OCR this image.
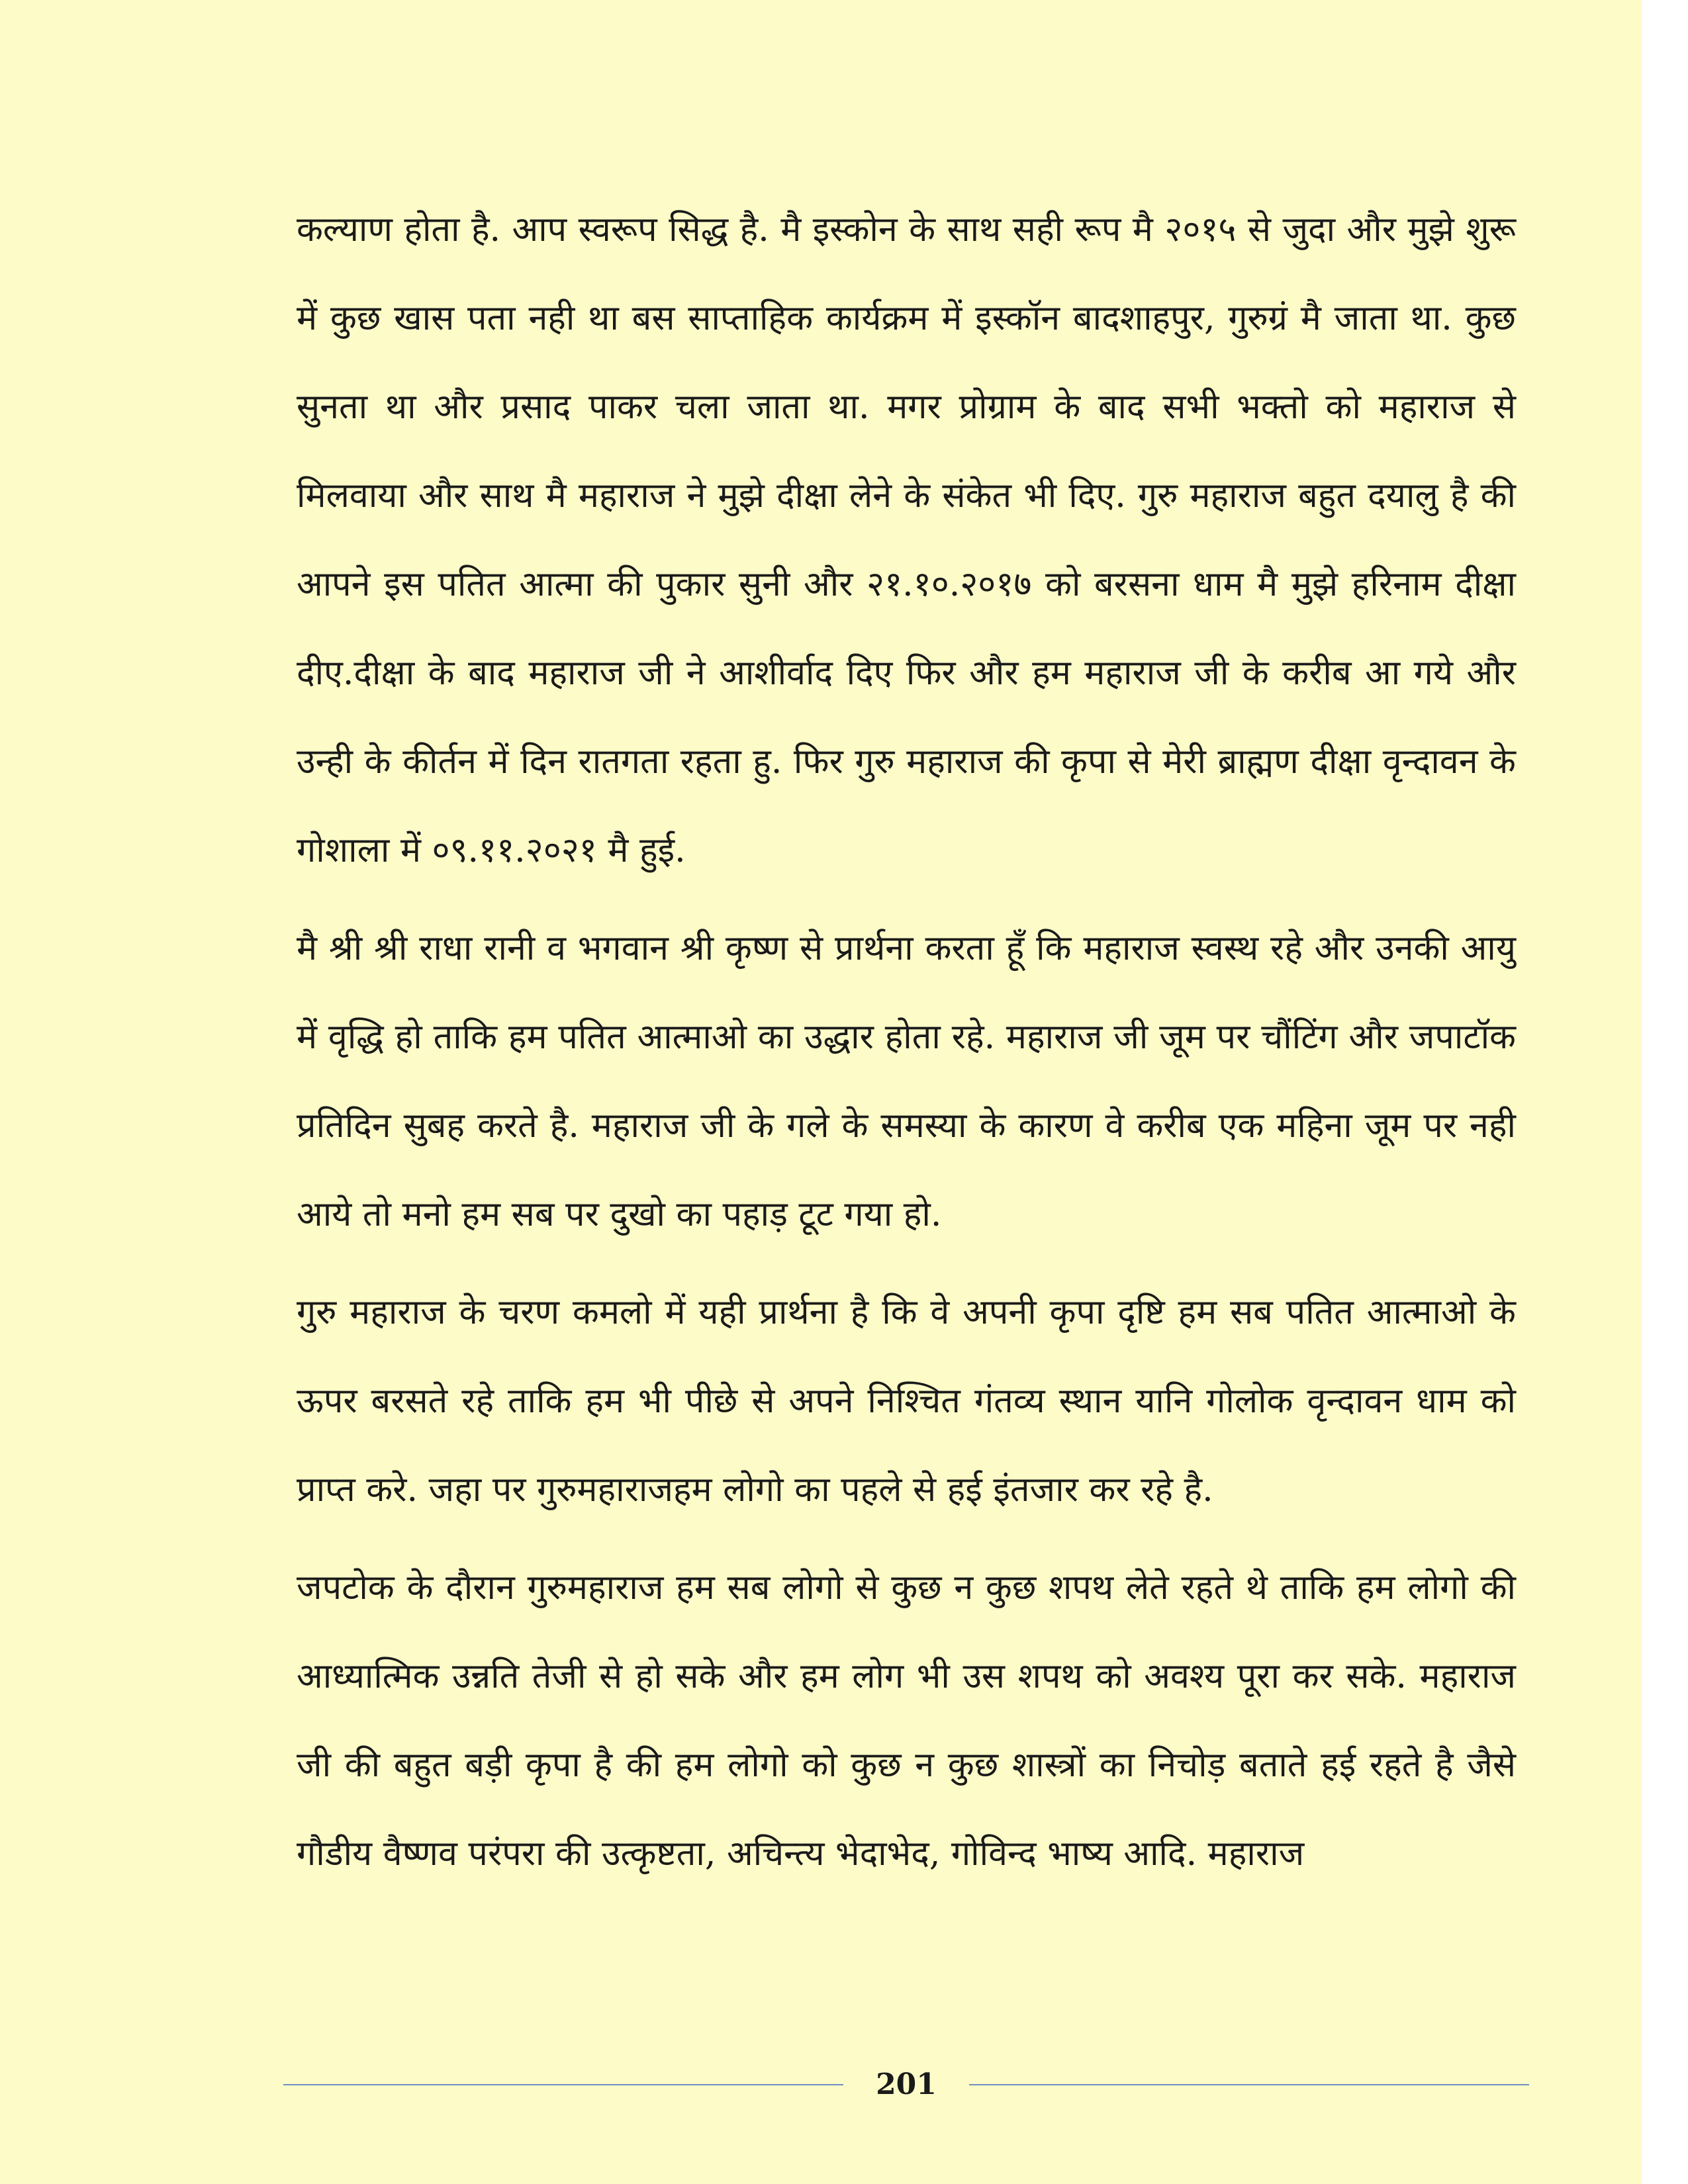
कल्याण होता है. आप स्वरूप सिद्ध है. मै इस्कोन के साथ सही रूप मै २०१५ से जुदा और मुझे शुरू में कुछ खास पता नही था बस साप्ताहिक कार्यक्रम में इस्कॉन बादशाहपुर, गुरुग्रं मै जाता था. कुछ सुनता था और प्रसाद पाकर चला जाता था. मगर प्रोग्राम के बाद सभी भक्तो को महाराज से मिलवाया और साथ मै महाराज ने मुझे दीक्षा लेने के संकेत भी दिए. गुरु महाराज बहुत दयालु है की आपने इस पतित आत्मा की पुकार सुनी और २१.१०.२०१७ को बरसना धाम मै मुझे हरिनाम दीक्षा दीए.दीक्षा के बाद महाराज जी ने आशीर्वाद दिए फिर और हम महाराज जी के करीब आ गये और उन्ही के कीर्तन में दिन रातगता रहता हु. फिर गुरु महाराज की कृपा से मेरी ब्राह्मण दीक्षा वृन्दावन के गोशाला में ०९.११.२०२१ मै हुई.

मै श्री श्री राधा रानी व भगवान श्री कृष्ण से प्रार्थना करता हूँ कि महाराज स्वस्थ रहे और उनकी आयु में वृद्धि हो ताकि हम पतित आत्माओ का उद्धार होता रहे. महाराज जी जूम पर चौंटिंग और जपाटॉक प्रतिदिन सुबह करते है. महाराज जी के गले के समस्या के कारण वे करीब एक महिना जूम पर नही आये तो मनो हम सब पर दुखो का पहाड़ टूट गया हो.

गुरु महाराज के चरण कमलो में यही प्रार्थना है कि वे अपनी कृपा दृष्टि हम सब पतित आत्माओ के ऊपर बरसते रहे ताकि हम भी पीछे से अपने निश्चित गंतव्य स्थान यानि गोलोक वृन्दावन धाम को प्राप्त करे. जहा पर गुरुमहाराजहम लोगो का पहले से हई इंतजार कर रहे है.

जपटोक के दौरान गुरुमहाराज हम सब लोगो से कुछ न कुछ शपथ लेते रहते थे ताकि हम लोगो की आध्यात्मिक उन्नति तेजी से हो सके और हम लोग भी उस शपथ को अवश्य पूरा कर सके. महाराज जी की बहुत बड़ी कृपा है की हम लोगो को कुछ न कुछ शास्त्रों का निचोड़ बताते हई रहते है जैसे गौडीय वैष्णव परंपरा की उत्कृष्टता, अचिन्त्य भेदाभेद, गोविन्द भाष्य आदि. महाराज

201
